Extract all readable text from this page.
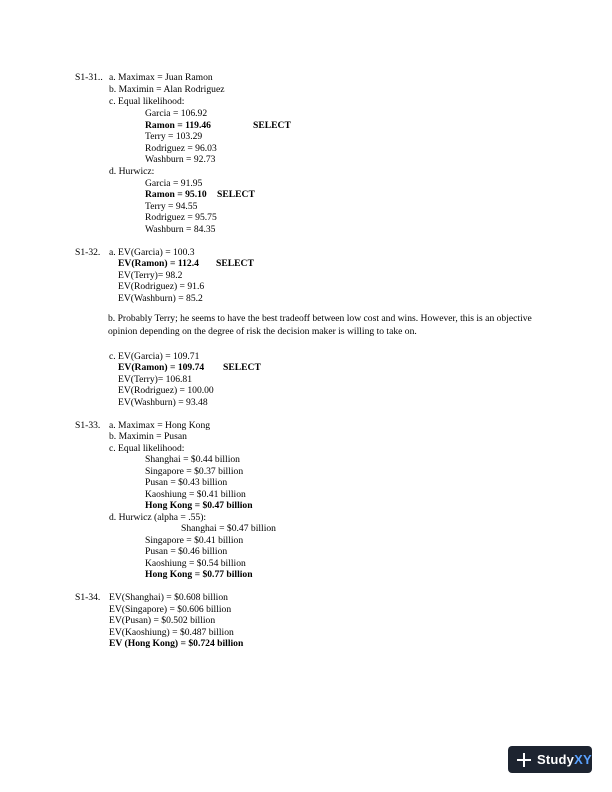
S1-31.. a. Maximax = Juan Ramon
b. Maximin = Alan Rodriguez
c. Equal likelihood:
Garcia = 106.92
Ramon = 119.46	SELECT
Terry = 103.29
Rodriguez = 96.03
Washburn = 92.73
d. Hurwicz:
Garcia = 91.95
Ramon = 95.10 SELECT
Terry = 94.55
Rodriguez = 95.75
Washburn = 84.35
S1-32. a. EV(Garcia) = 100.3
EV(Ramon) = 112.4 SELECT
EV(Terry)= 98.2
EV(Rodriguez) = 91.6
EV(Washburn) = 85.2
b. Probably Terry; he seems to have the best tradeoff between low cost and wins. However, this is an objective opinion depending on the degree of risk the decision maker is willing to take on.
c. EV(Garcia) = 109.71
EV(Ramon) = 109.74 SELECT
EV(Terry)= 106.81
EV(Rodriguez) = 100.00
EV(Washburn) = 93.48
S1-33. a. Maximax = Hong Kong
b. Maximin = Pusan
c. Equal likelihood:
Shanghai = $0.44 billion
Singapore = $0.37 billion
Pusan = $0.43 billion
Kaoshiung = $0.41 billion
Hong Kong = $0.47 billion
d. Hurwicz (alpha = .55):
Shanghai = $0.47 billion
Singapore = $0.41 billion
Pusan = $0.46 billion
Kaoshiung = $0.54 billion
Hong Kong = $0.77 billion
S1-34. EV(Shanghai) = $0.608 billion
EV(Singapore) = $0.606 billion
EV(Pusan) = $0.502 billion
EV(Kaoshiung) = $0.487 billion
EV (Hong Kong) = $0.724 billion
StudyXY
